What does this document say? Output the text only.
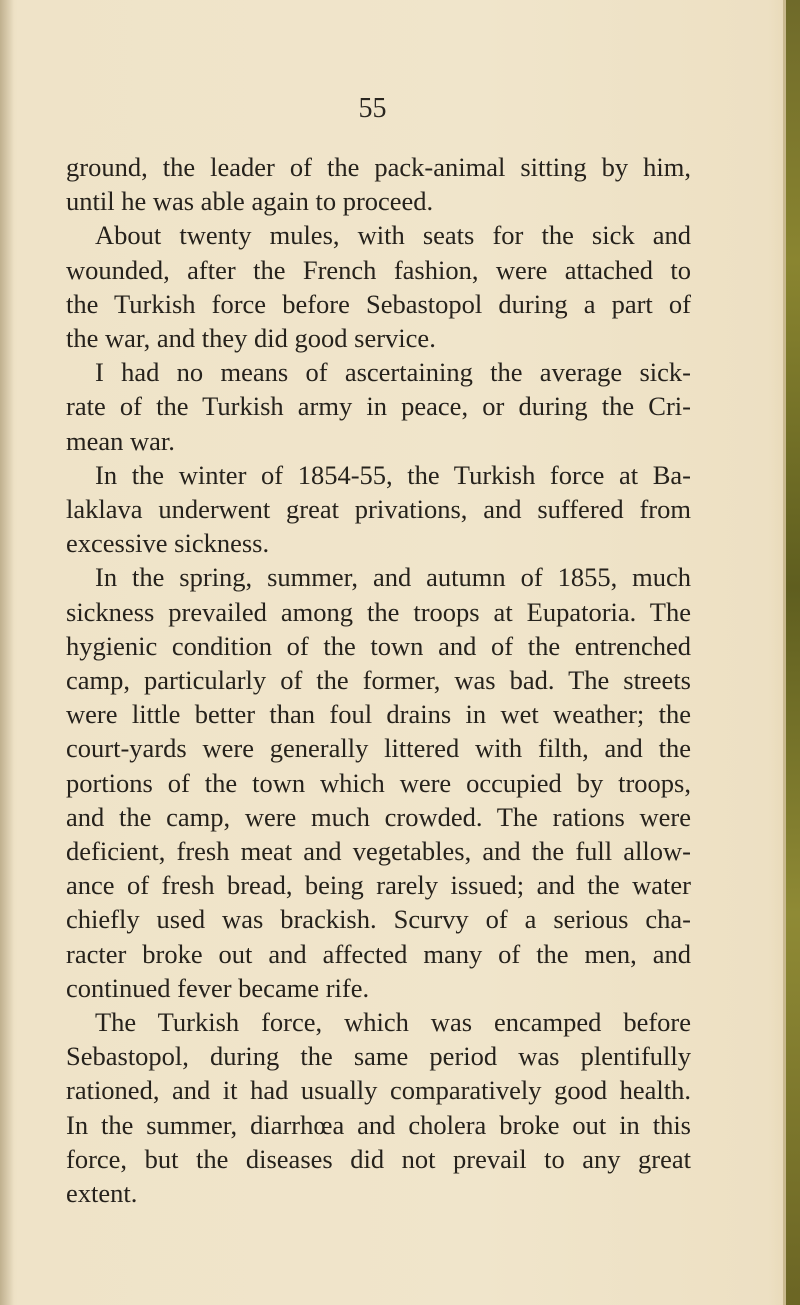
55
ground, the leader of the pack-animal sitting by him,
until he was able again to proceed.
About twenty mules, with seats for the sick and
wounded, after the French fashion, were attached to
the Turkish force before Sebastopol during a part of
the war, and they did good service.
I had no means of ascertaining the average sick-
rate of the Turkish army in peace, or during the Cri-
mean war.
In the winter of 1854-55, the Turkish force at Ba-
laklava underwent great privations, and suffered from
excessive sickness.
In the spring, summer, and autumn of 1855, much
sickness prevailed among the troops at Eupatoria. The
hygienic condition of the town and of the entrenched
camp, particularly of the former, was bad. The streets
were little better than foul drains in wet weather; the
court-yards were generally littered with filth, and the
portions of the town which were occupied by troops,
and the camp, were much crowded. The rations were
deficient, fresh meat and vegetables, and the full allow-
ance of fresh bread, being rarely issued; and the water
chiefly used was brackish. Scurvy of a serious cha-
racter broke out and affected many of the men, and
continued fever became rife.
The Turkish force, which was encamped before
Sebastopol, during the same period was plentifully
rationed, and it had usually comparatively good health.
In the summer, diarrhœa and cholera broke out in this
force, but the diseases did not prevail to any great
extent.
